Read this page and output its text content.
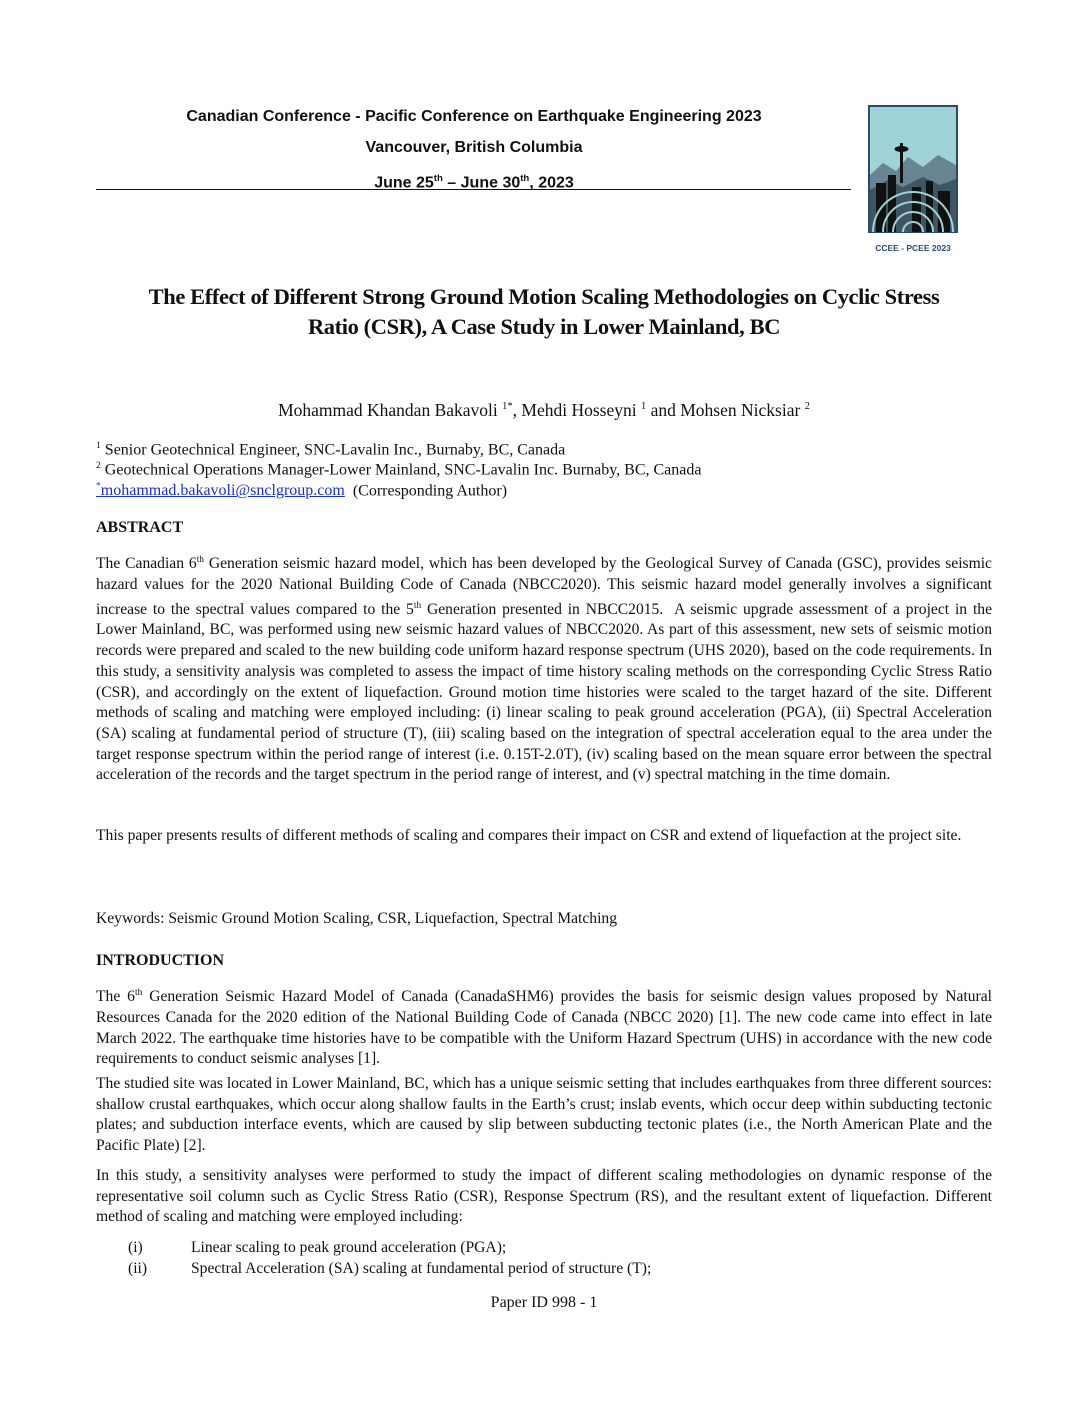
Canadian Conference - Pacific Conference on Earthquake Engineering 2023
Vancouver, British Columbia
June 25th – June 30th, 2023
CCEE - PCEE 2023
The Effect of Different Strong Ground Motion Scaling Methodologies on Cyclic Stress
Ratio (CSR), A Case Study in Lower Mainland, BC
Mohammad Khandan Bakavoli $^{1*}$, Mehdi Hosseyni $^1$ and Mohsen Nicksiar $^2$
$^1$ Senior Geotechnical Engineer, SNC-Lavalin Inc., Burnaby, BC, Canada
$^2$ Geotechnical Operations Manager-Lower Mainland, SNC-Lavalin Inc. Burnaby, BC, Canada
*mohammad.bakavoli@snclgroup.com  (Corresponding Author)
ABSTRACT
The Canadian 6th Generation seismic hazard model, which has been developed by the Geological Survey of Canada (GSC), provides seismic hazard values for the 2020 National Building Code of Canada (NBCC2020). This seismic hazard model generally involves a significant increase to the spectral values compared to the 5th Generation presented in NBCC2015.  A seismic upgrade assessment of a project in the Lower Mainland, BC, was performed using new seismic hazard values of NBCC2020. As part of this assessment, new sets of seismic motion records were prepared and scaled to the new building code uniform hazard response spectrum (UHS 2020), based on the code requirements. In this study, a sensitivity analysis was completed to assess the impact of time history scaling methods on the corresponding Cyclic Stress Ratio (CSR), and accordingly on the extent of liquefaction. Ground motion time histories were scaled to the target hazard of the site. Different methods of scaling and matching were employed including: (i) linear scaling to peak ground acceleration (PGA), (ii) Spectral Acceleration (SA) scaling at fundamental period of structure (T), (iii) scaling based on the integration of spectral acceleration equal to the area under the target response spectrum within the period range of interest (i.e. 0.15T-2.0T), (iv) scaling based on the mean square error between the spectral acceleration of the records and the target spectrum in the period range of interest, and (v) spectral matching in the time domain.
This paper presents results of different methods of scaling and compares their impact on CSR and extend of liquefaction at the project site.
Keywords: Seismic Ground Motion Scaling, CSR, Liquefaction, Spectral Matching
INTRODUCTION
The 6th Generation Seismic Hazard Model of Canada (CanadaSHM6) provides the basis for seismic design values proposed by Natural Resources Canada for the 2020 edition of the National Building Code of Canada (NBCC 2020) [1]. The new code came into effect in late March 2022. The earthquake time histories have to be compatible with the Uniform Hazard Spectrum (UHS) in accordance with the new code requirements to conduct seismic analyses [1].
The studied site was located in Lower Mainland, BC, which has a unique seismic setting that includes earthquakes from three different sources: shallow crustal earthquakes, which occur along shallow faults in the Earth’s crust; inslab events, which occur deep within subducting tectonic plates; and subduction interface events, which are caused by slip between subducting tectonic plates (i.e., the North American Plate and the Pacific Plate) [2].
In this study, a sensitivity analyses were performed to study the impact of different scaling methodologies on dynamic response of the representative soil column such as Cyclic Stress Ratio (CSR), Response Spectrum (RS), and the resultant extent of liquefaction. Different method of scaling and matching were employed including:
(i)	Linear scaling to peak ground acceleration (PGA);
(ii)	Spectral Acceleration (SA) scaling at fundamental period of structure (T);
Paper ID 998 - 1
